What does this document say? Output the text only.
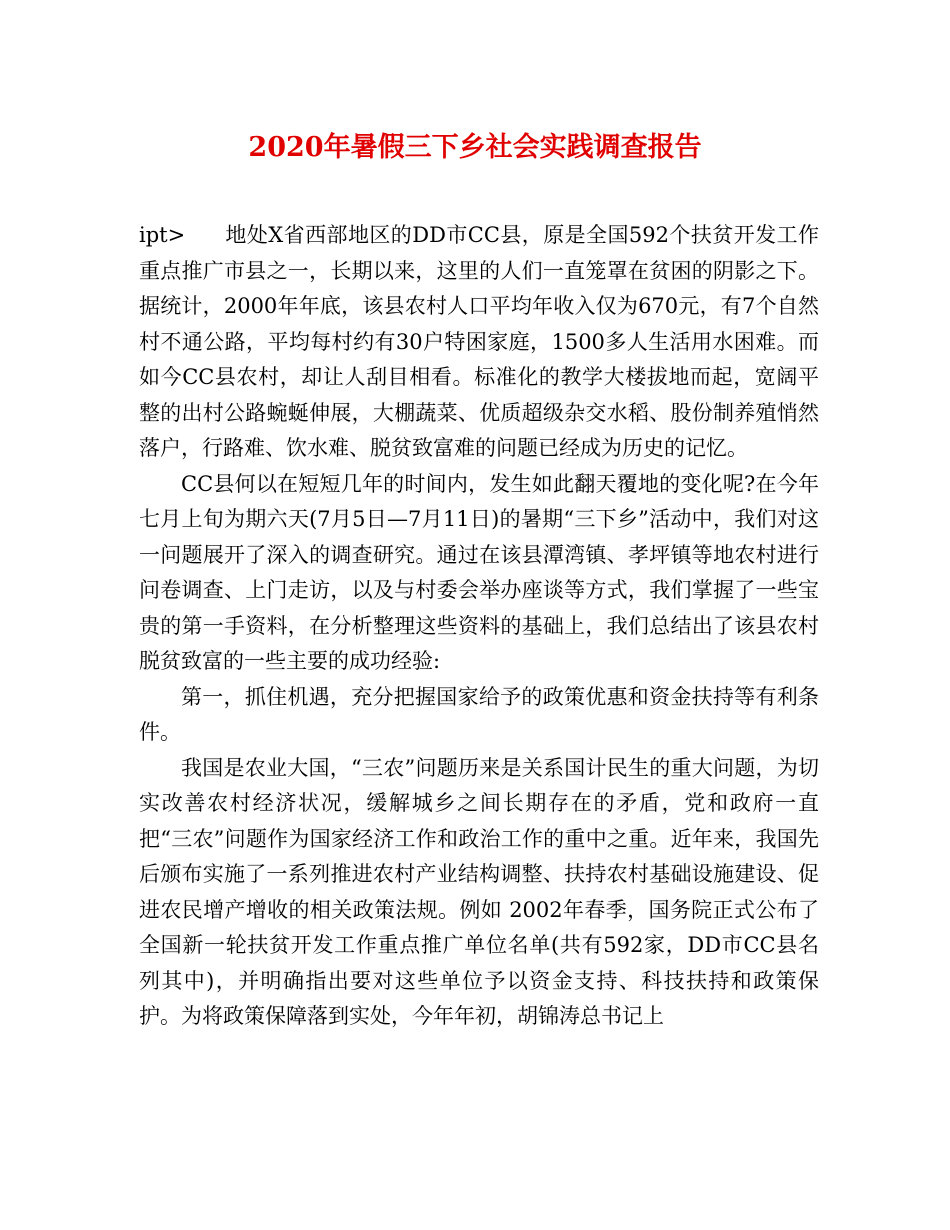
2020年暑假三下乡社会实践调查报告

ipt> 地处X省西部地区的DD市CC县，原是全国592个扶贫开发工作重点推广市县之一，长期以来，这里的人们一直笼罩在贫困的阴影之下。据统计，2000年年底，该县农村人口平均年收入仅为670元，有7个自然村不通公路，平均每村约有30户特困家庭，1500多人生活用水困难。而如今CC县农村，却让人刮目相看。标准化的教学大楼拔地而起，宽阔平整的出村公路蜿蜒伸展，大棚蔬菜、优质超级杂交水稻、股份制养殖悄然落户，行路难、饮水难、脱贫致富难的问题已经成为历史的记忆。

CC县何以在短短几年的时间内，发生如此翻天覆地的变化呢?在今年七月上旬为期六天(7月5日—7月11日)的暑期“三下乡”活动中，我们对这一问题展开了深入的调查研究。通过在该县潭湾镇、孝坪镇等地农村进行问卷调查、上门走访，以及与村委会举办座谈等方式，我们掌握了一些宝贵的第一手资料，在分析整理这些资料的基础上，我们总结出了该县农村脱贫致富的一些主要的成功经验:

第一，抓住机遇，充分把握国家给予的政策优惠和资金扶持等有利条件。

我国是农业大国，“三农”问题历来是关系国计民生的重大问题，为切实改善农村经济状况，缓解城乡之间长期存在的矛盾，党和政府一直把“三农”问题作为国家经济工作和政治工作的重中之重。近年来，我国先后颁布实施了一系列推进农村产业结构调整、扶持农村基础设施建设、促进农民增产增收的相关政策法规。例如 2002年春季，国务院正式公布了全国新一轮扶贫开发工作重点推广单位名单(共有592家，DD市CC县名列其中)，并明确指出要对这些单位予以资金支持、科技扶持和政策保护。为将政策保障落到实处，今年年初，胡锦涛总书记上
